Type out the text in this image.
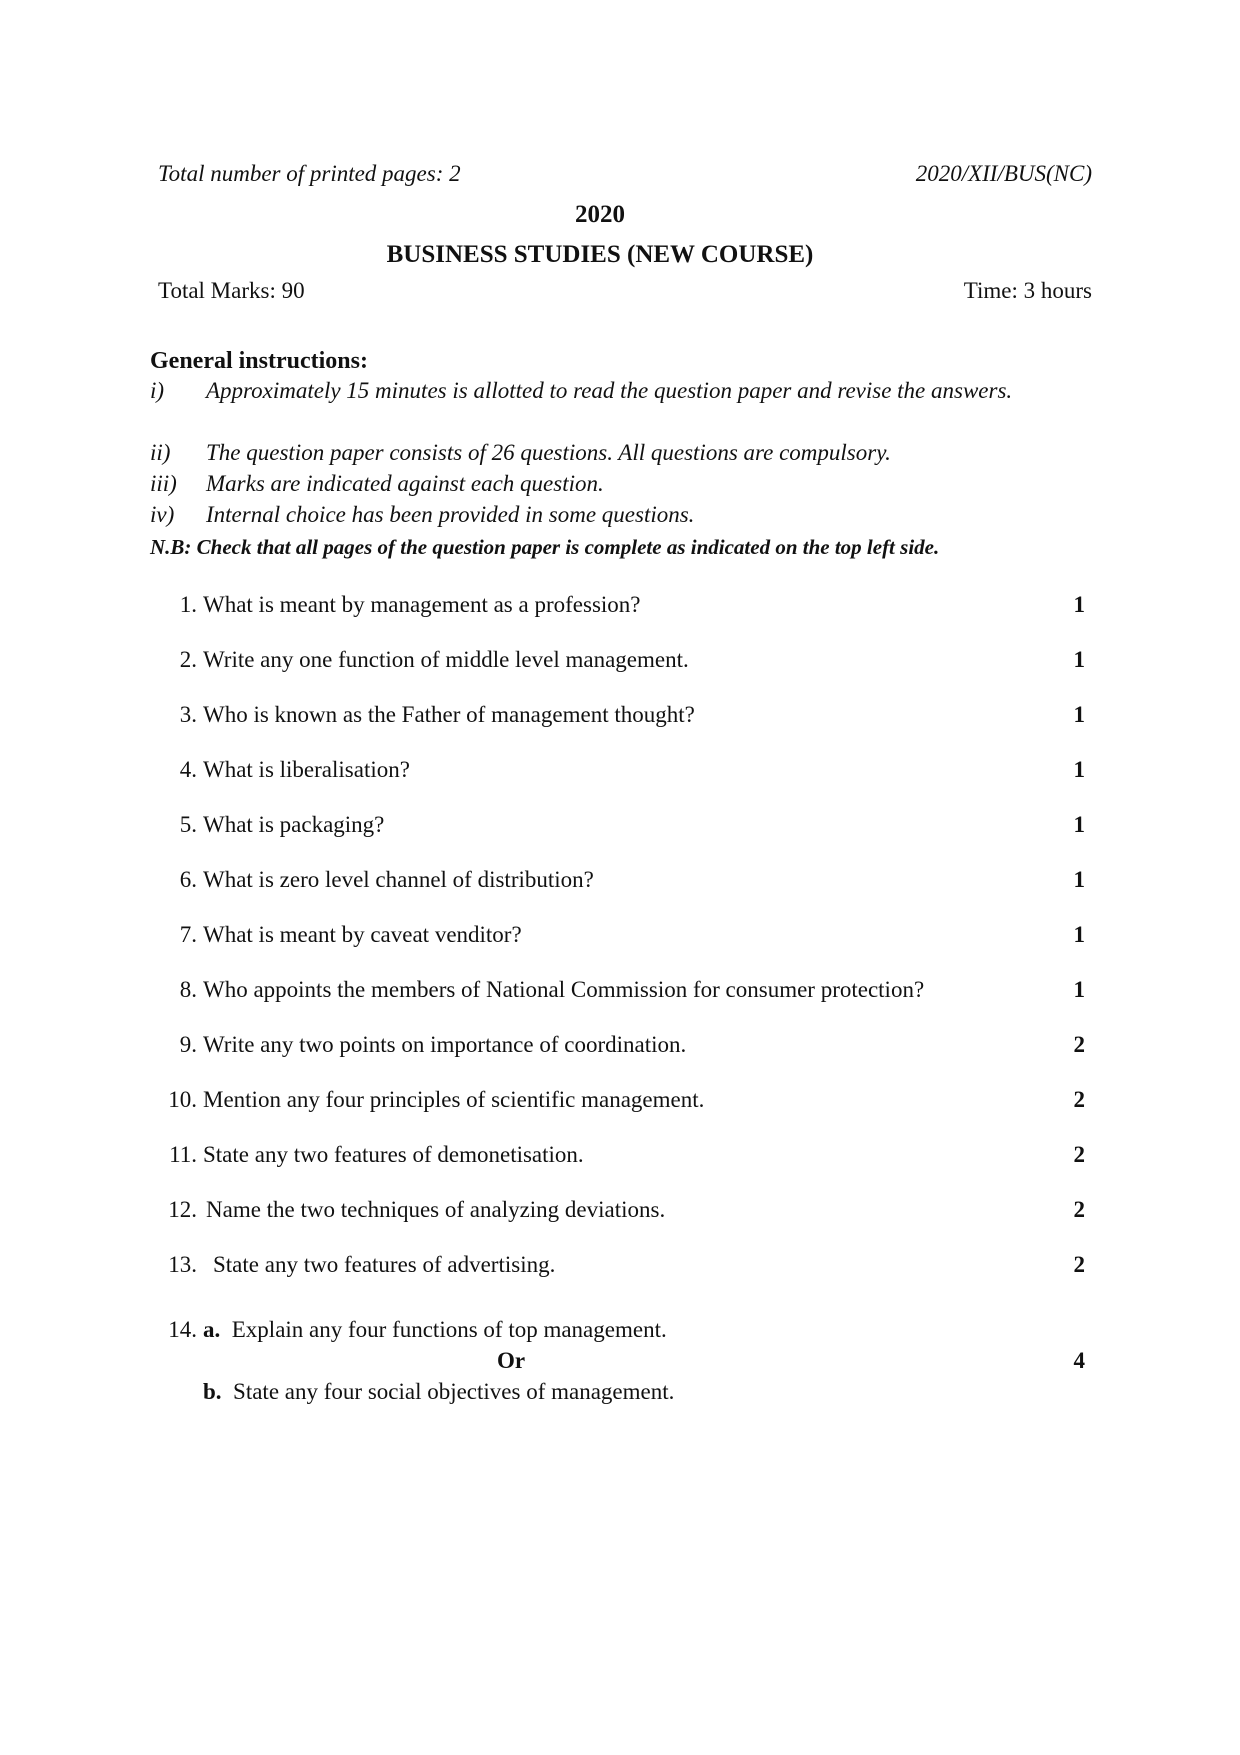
Total number of printed pages: 2	2020/XII/BUS(NC)
2020
BUSINESS STUDIES (NEW COURSE)
Total Marks: 90	Time: 3 hours
General instructions:
i)	Approximately 15 minutes is allotted to read the question paper and revise the answers.
ii)	The question paper consists of 26 questions. All questions are compulsory.
iii)	Marks are indicated against each question.
iv)	Internal choice has been provided in some questions.
N.B: Check that all pages of the question paper is complete as indicated on the top left side.
1. What is meant by management as a profession?	1
2. Write any one function of middle level management.	1
3. Who is known as the Father of management thought?	1
4. What is liberalisation?	1
5. What is packaging?	1
6. What is zero level channel of distribution?	1
7. What is meant by caveat venditor?	1
8. Who appoints the members of National Commission for consumer protection?	1
9. Write any two points on importance of coordination.	2
10. Mention any four principles of scientific management.	2
11. State any two features of demonetisation.	2
12. Name the two techniques of analyzing deviations.	2
13. State any two features of advertising.	2
14. a. Explain any four functions of top management.
Or	4
b. State any four social objectives of management.
